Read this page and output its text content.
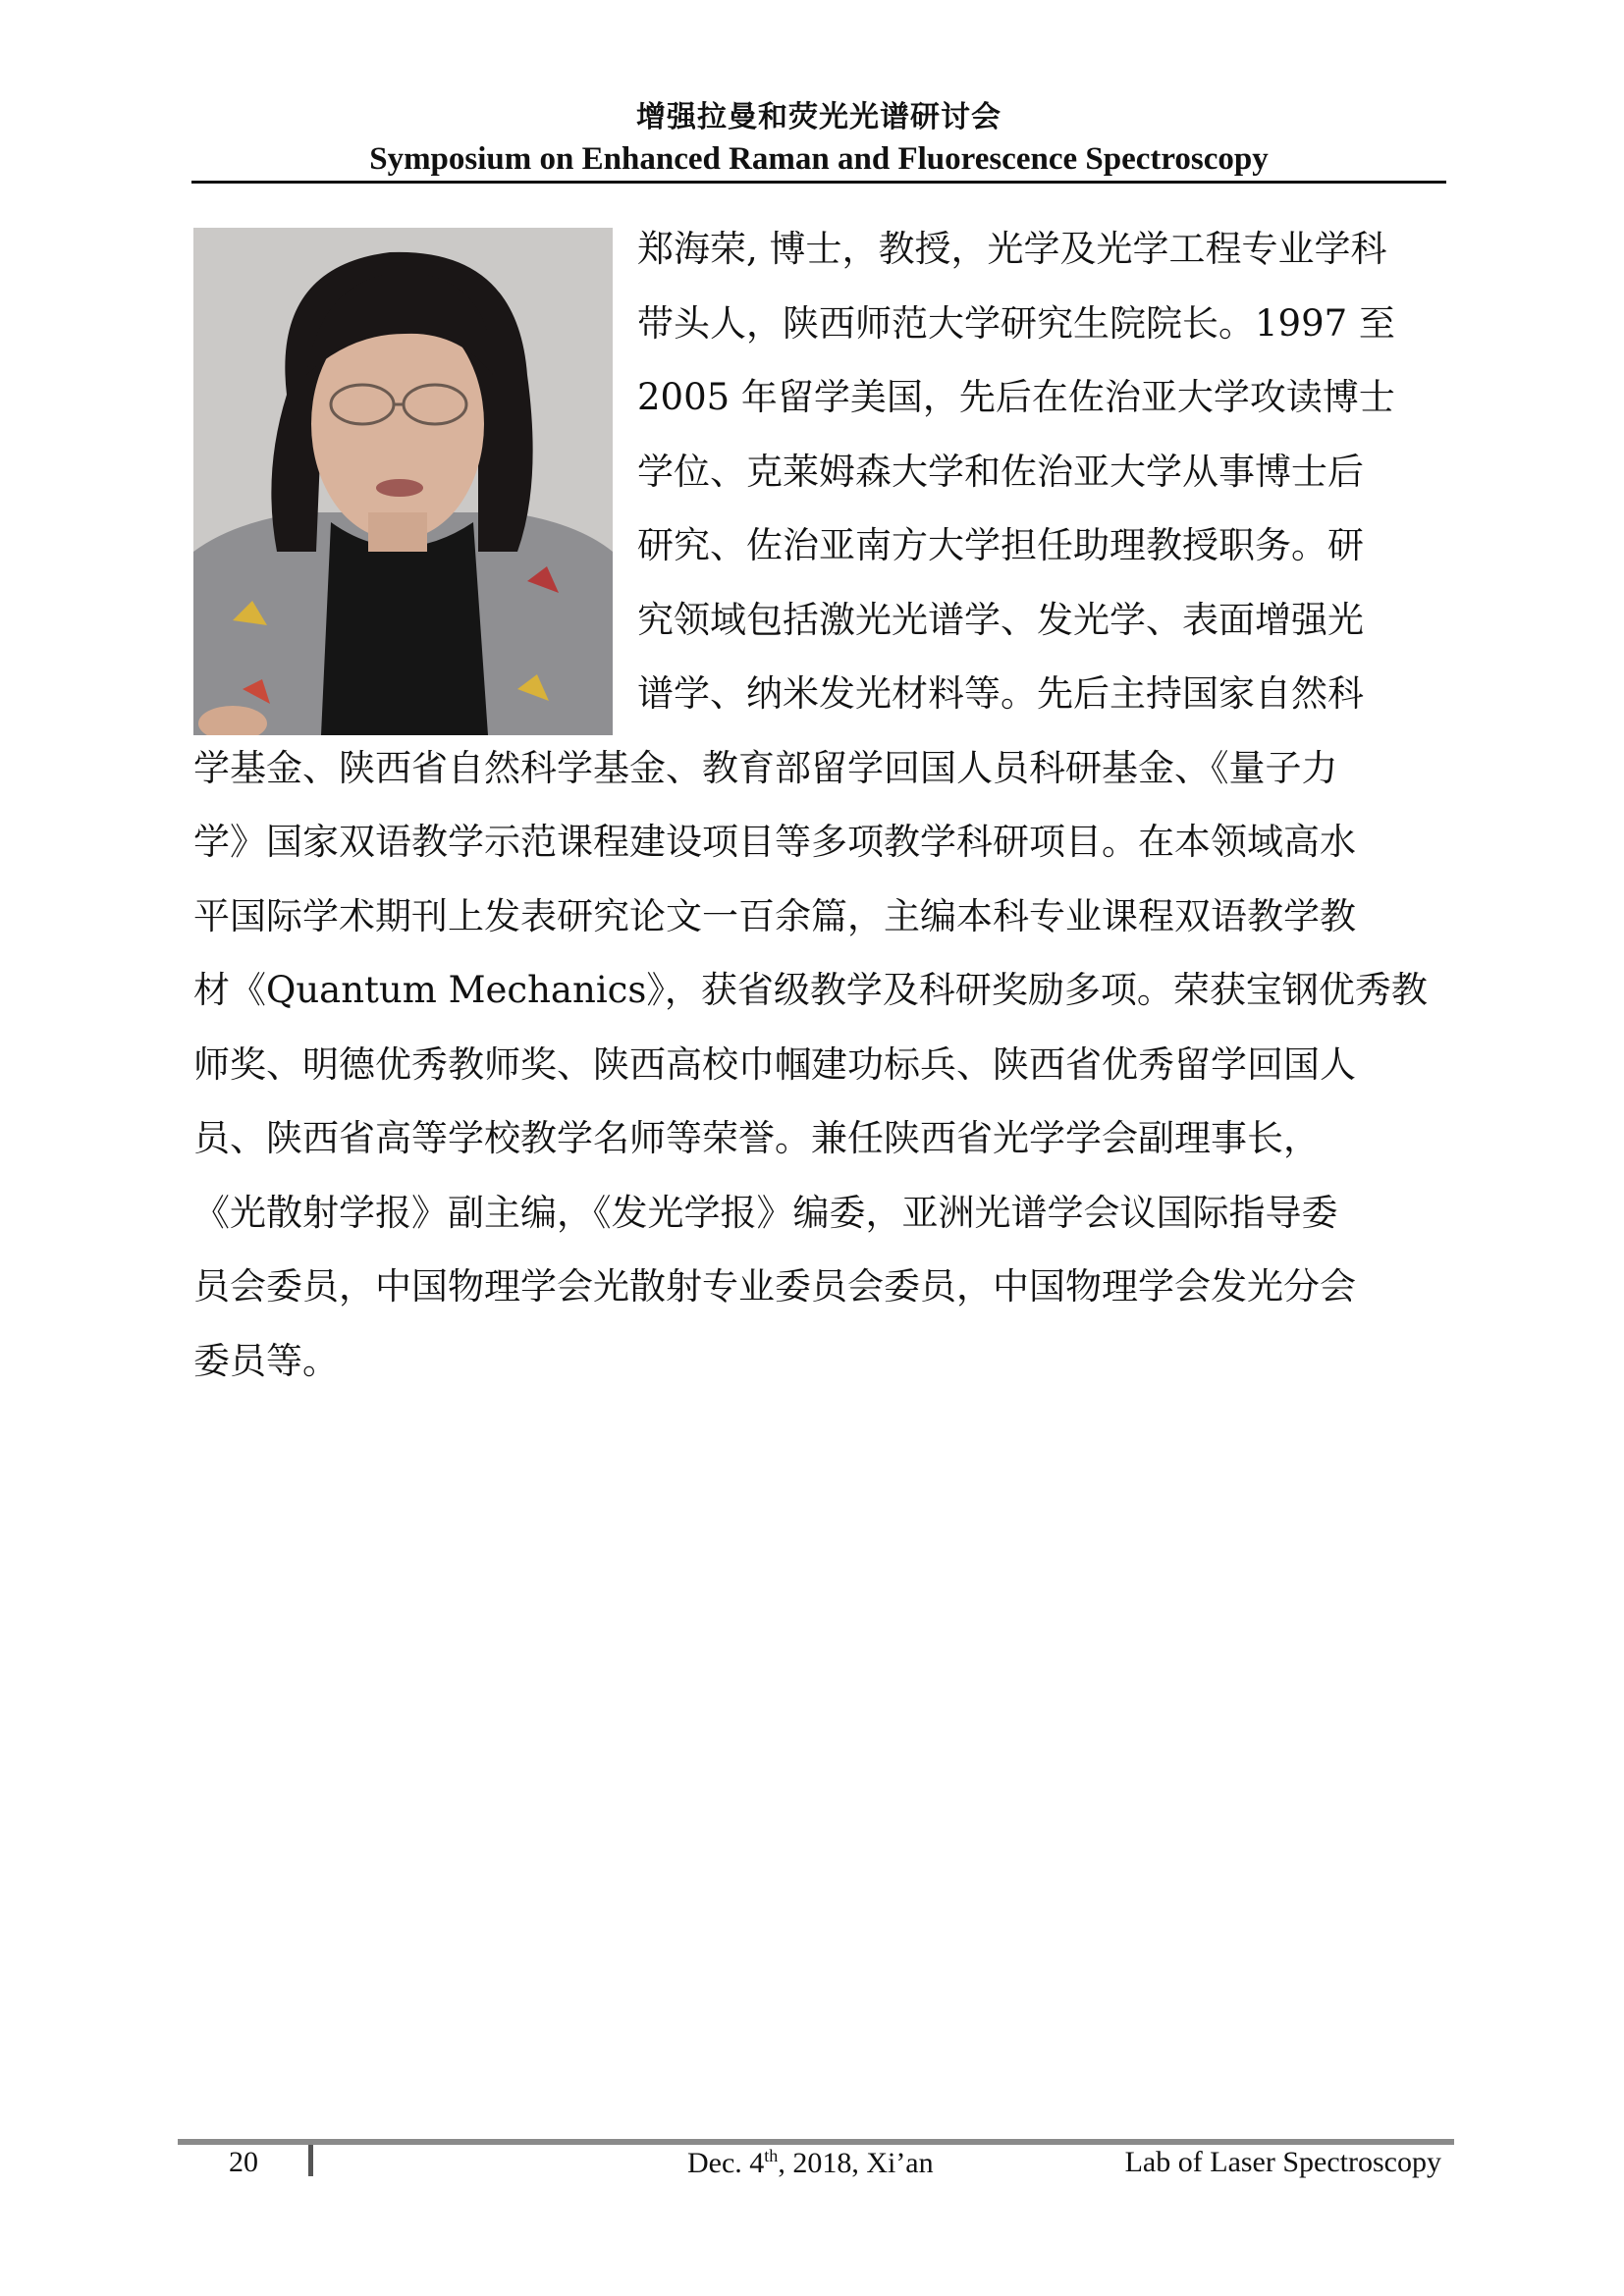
增强拉曼和荧光光谱研讨会
Symposium on Enhanced Raman and Fluorescence Spectroscopy
郑海荣, 博士，教授，光学及光学工程专业学科
带头人，陕西师范大学研究生院院长。1997 至
2005 年留学美国，先后在佐治亚大学攻读博士
学位、克莱姆森大学和佐治亚大学从事博士后
研究、佐治亚南方大学担任助理教授职务。研
究领域包括激光光谱学、发光学、表面增强光
谱学、纳米发光材料等。先后主持国家自然科
学基金、陕西省自然科学基金、教育部留学回国人员科研基金、《量子力
学》国家双语教学示范课程建设项目等多项教学科研项目。在本领域高水
平国际学术期刊上发表研究论文一百余篇，主编本科专业课程双语教学教
材《Quantum Mechanics》，获省级教学及科研奖励多项。荣获宝钢优秀教
师奖、明德优秀教师奖、陕西高校巾帼建功标兵、陕西省优秀留学回国人
员、陕西省高等学校教学名师等荣誉。兼任陕西省光学学会副理事长，
《光散射学报》副主编，《发光学报》编委，亚洲光谱学会议国际指导委
员会委员，中国物理学会光散射专业委员会委员，中国物理学会发光分会
委员等。
20	Dec. 4th, 2018, Xi’an	Lab of Laser Spectroscopy
